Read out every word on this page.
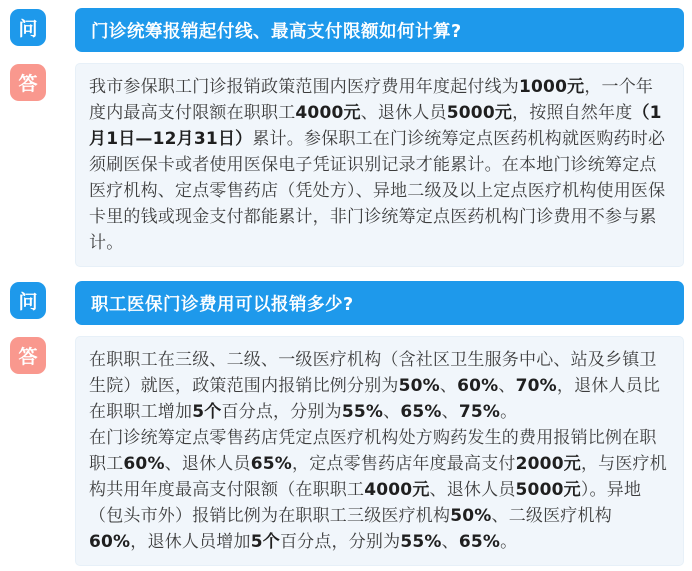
问	门诊统筹报销起付线、最高支付限额如何计算?
答	我市参保职工门诊报销政策范围内医疗费用年度起付线为1000元，一个年度内最高支付限额在职职工4000元、退休人员5000元，按照自然年度（1月1日—12月31日）累计。参保职工在门诊统筹定点医药机构就医购药时必须刷医保卡或者使用医保电子凭证识别记录才能累计。在本地门诊统筹定点医疗机构、定点零售药店（凭处方）、异地二级及以上定点医疗机构使用医保卡里的钱或现金支付都能累计，非门诊统筹定点医药机构门诊费用不参与累计。
问	职工医保门诊费用可以报销多少?
答	在职职工在三级、二级、一级医疗机构（含社区卫生服务中心、站及乡镇卫生院）就医，政策范围内报销比例分别为50%、60%、70%，退休人员比在职职工增加5个百分点，分别为55%、65%、75%。
在门诊统筹定点零售药店凭定点医疗机构处方购药发生的费用报销比例在职职工60%、退休人员65%，定点零售药店年度最高支付2000元，与医疗机构共用年度最高支付限额（在职职工4000元、退休人员5000元）。异地（包头市外）报销比例为在职职工三级医疗机构50%、二级医疗机构60%，退休人员增加5个百分点，分别为55%、65%。
